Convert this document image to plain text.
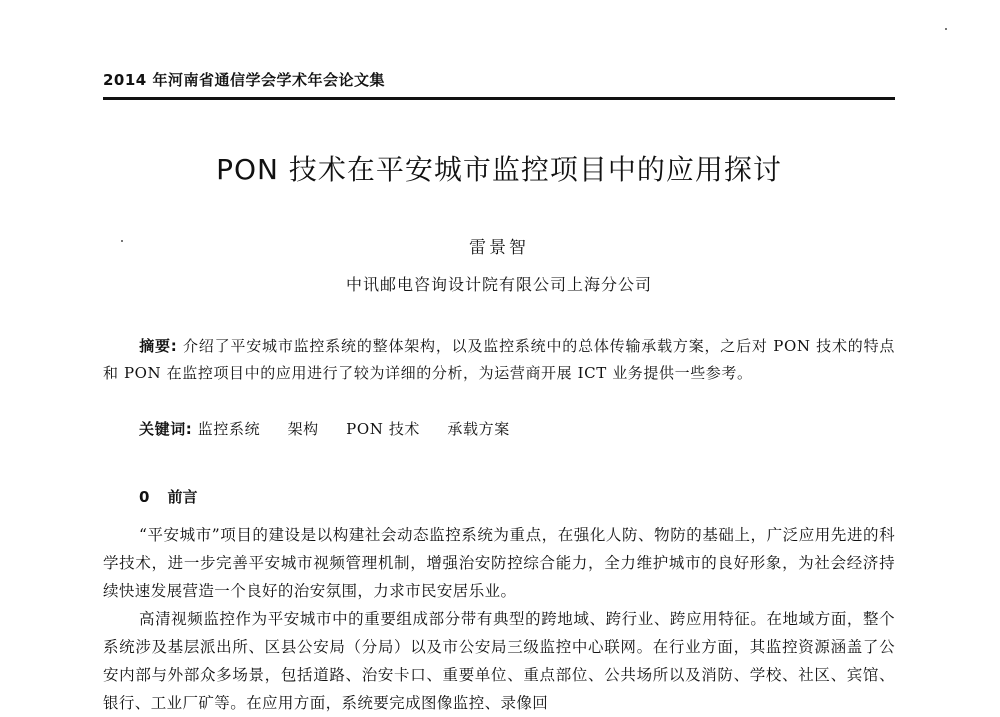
2014 年河南省通信学会学术年会论文集
PON 技术在平安城市监控项目中的应用探讨
雷景智
中讯邮电咨询设计院有限公司上海分公司
摘要: 介绍了平安城市监控系统的整体架构，以及监控系统中的总体传输承载方案，之后对 PON 技术的特点和 PON 在监控项目中的应用进行了较为详细的分析，为运营商开展 ICT 业务提供一些参考。
关键词: 监控系统 架构 PON 技术 承载方案
0 前言

“平安城市”项目的建设是以构建社会动态监控系统为重点，在强化人防、物防的基础上，广泛应用先进的科学技术，进一步完善平安城市视频管理机制，增强治安防控综合能力，全力维护城市的良好形象，为社会经济持续快速发展营造一个良好的治安氛围，力求市民安居乐业。

高清视频监控作为平安城市中的重要组成部分带有典型的跨地域、跨行业、跨应用特征。在地域方面，整个系统涉及基层派出所、区县公安局（分局）以及市公安局三级监控中心联网。在行业方面，其监控资源涵盖了公安内部与外部众多场景，包括道路、治安卡口、重要单位、重点部位、公共场所以及消防、学校、社区、宾馆、银行、工业厂矿等。在应用方面，系统要完成图像监控、录像回
